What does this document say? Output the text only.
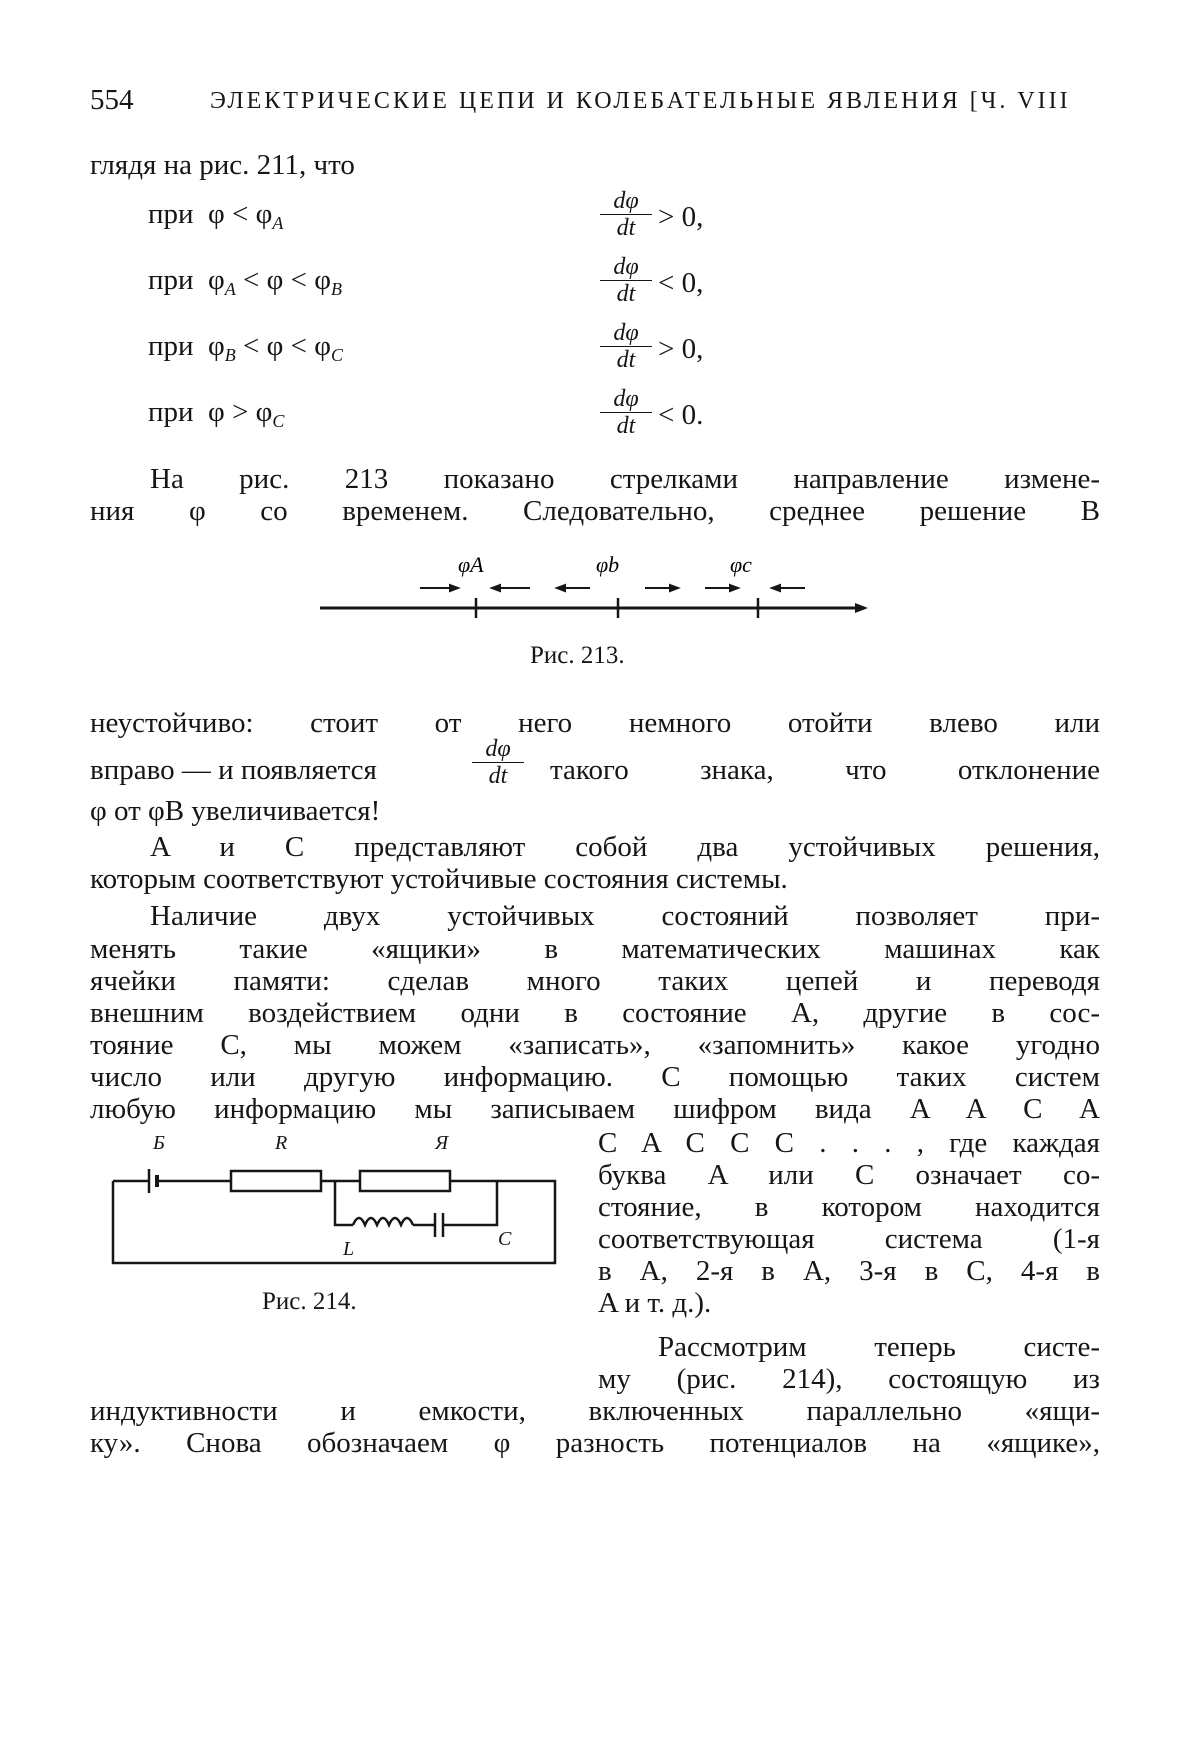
554	ЭЛЕКТРИЧЕСКИЕ ЦЕПИ И КОЛЕБАТЕЛЬНЫЕ ЯВЛЕНИЯ [Ч. VIII
глядя на рис. 211, что
при $\varphi < \varphi_A$	$\frac{d\varphi}{dt} > 0$,
при $\varphi_A < \varphi < \varphi_B$	$\frac{d\varphi}{dt} < 0$,
при $\varphi_B < \varphi < \varphi_C$	$\frac{d\varphi}{dt} > 0$,
при $\varphi > \varphi_C$	$\frac{d\varphi}{dt} < 0$.
На рис. 213 показано стрелками направление измене-
ния φ со временем. Следовательно, среднее решение B
φA	φb	φc
Рис. 213.
неустойчиво: стоит от него немного отойти влево или
вправо — и появляется	$\frac{d\varphi}{dt}$ такого знака, что отклонение
φ от φB увеличивается!
A и C представляют собой два устойчивых решения,
которым соответствуют устойчивые состояния системы.
Наличие двух устойчивых состояний позволяет при-
менять такие «ящики» в математических машинах как
ячейки памяти: сделав много таких цепей и переводя
внешним воздействием одни в состояние A, другие в сос-
тояние C, мы можем «записать», «запомнить» какое угодно
число или другую информацию. С помощью таких систем
любую информацию мы записываем шифром вида A A C A
C A C C C . . . , где каждая
буква A или C означает со-
стояние, в котором находится
соответствующая система (1-я
в A, 2-я в A, 3-я в C, 4-я в
A и т. д.).
Б	R	Я
L	C
Рис. 214.
Рассмотрим теперь систе-
му (рис. 214), состоящую из
индуктивности и емкости, включенных параллельно «ящи-
ку». Снова обозначаем φ разность потенциалов на «ящике»,
